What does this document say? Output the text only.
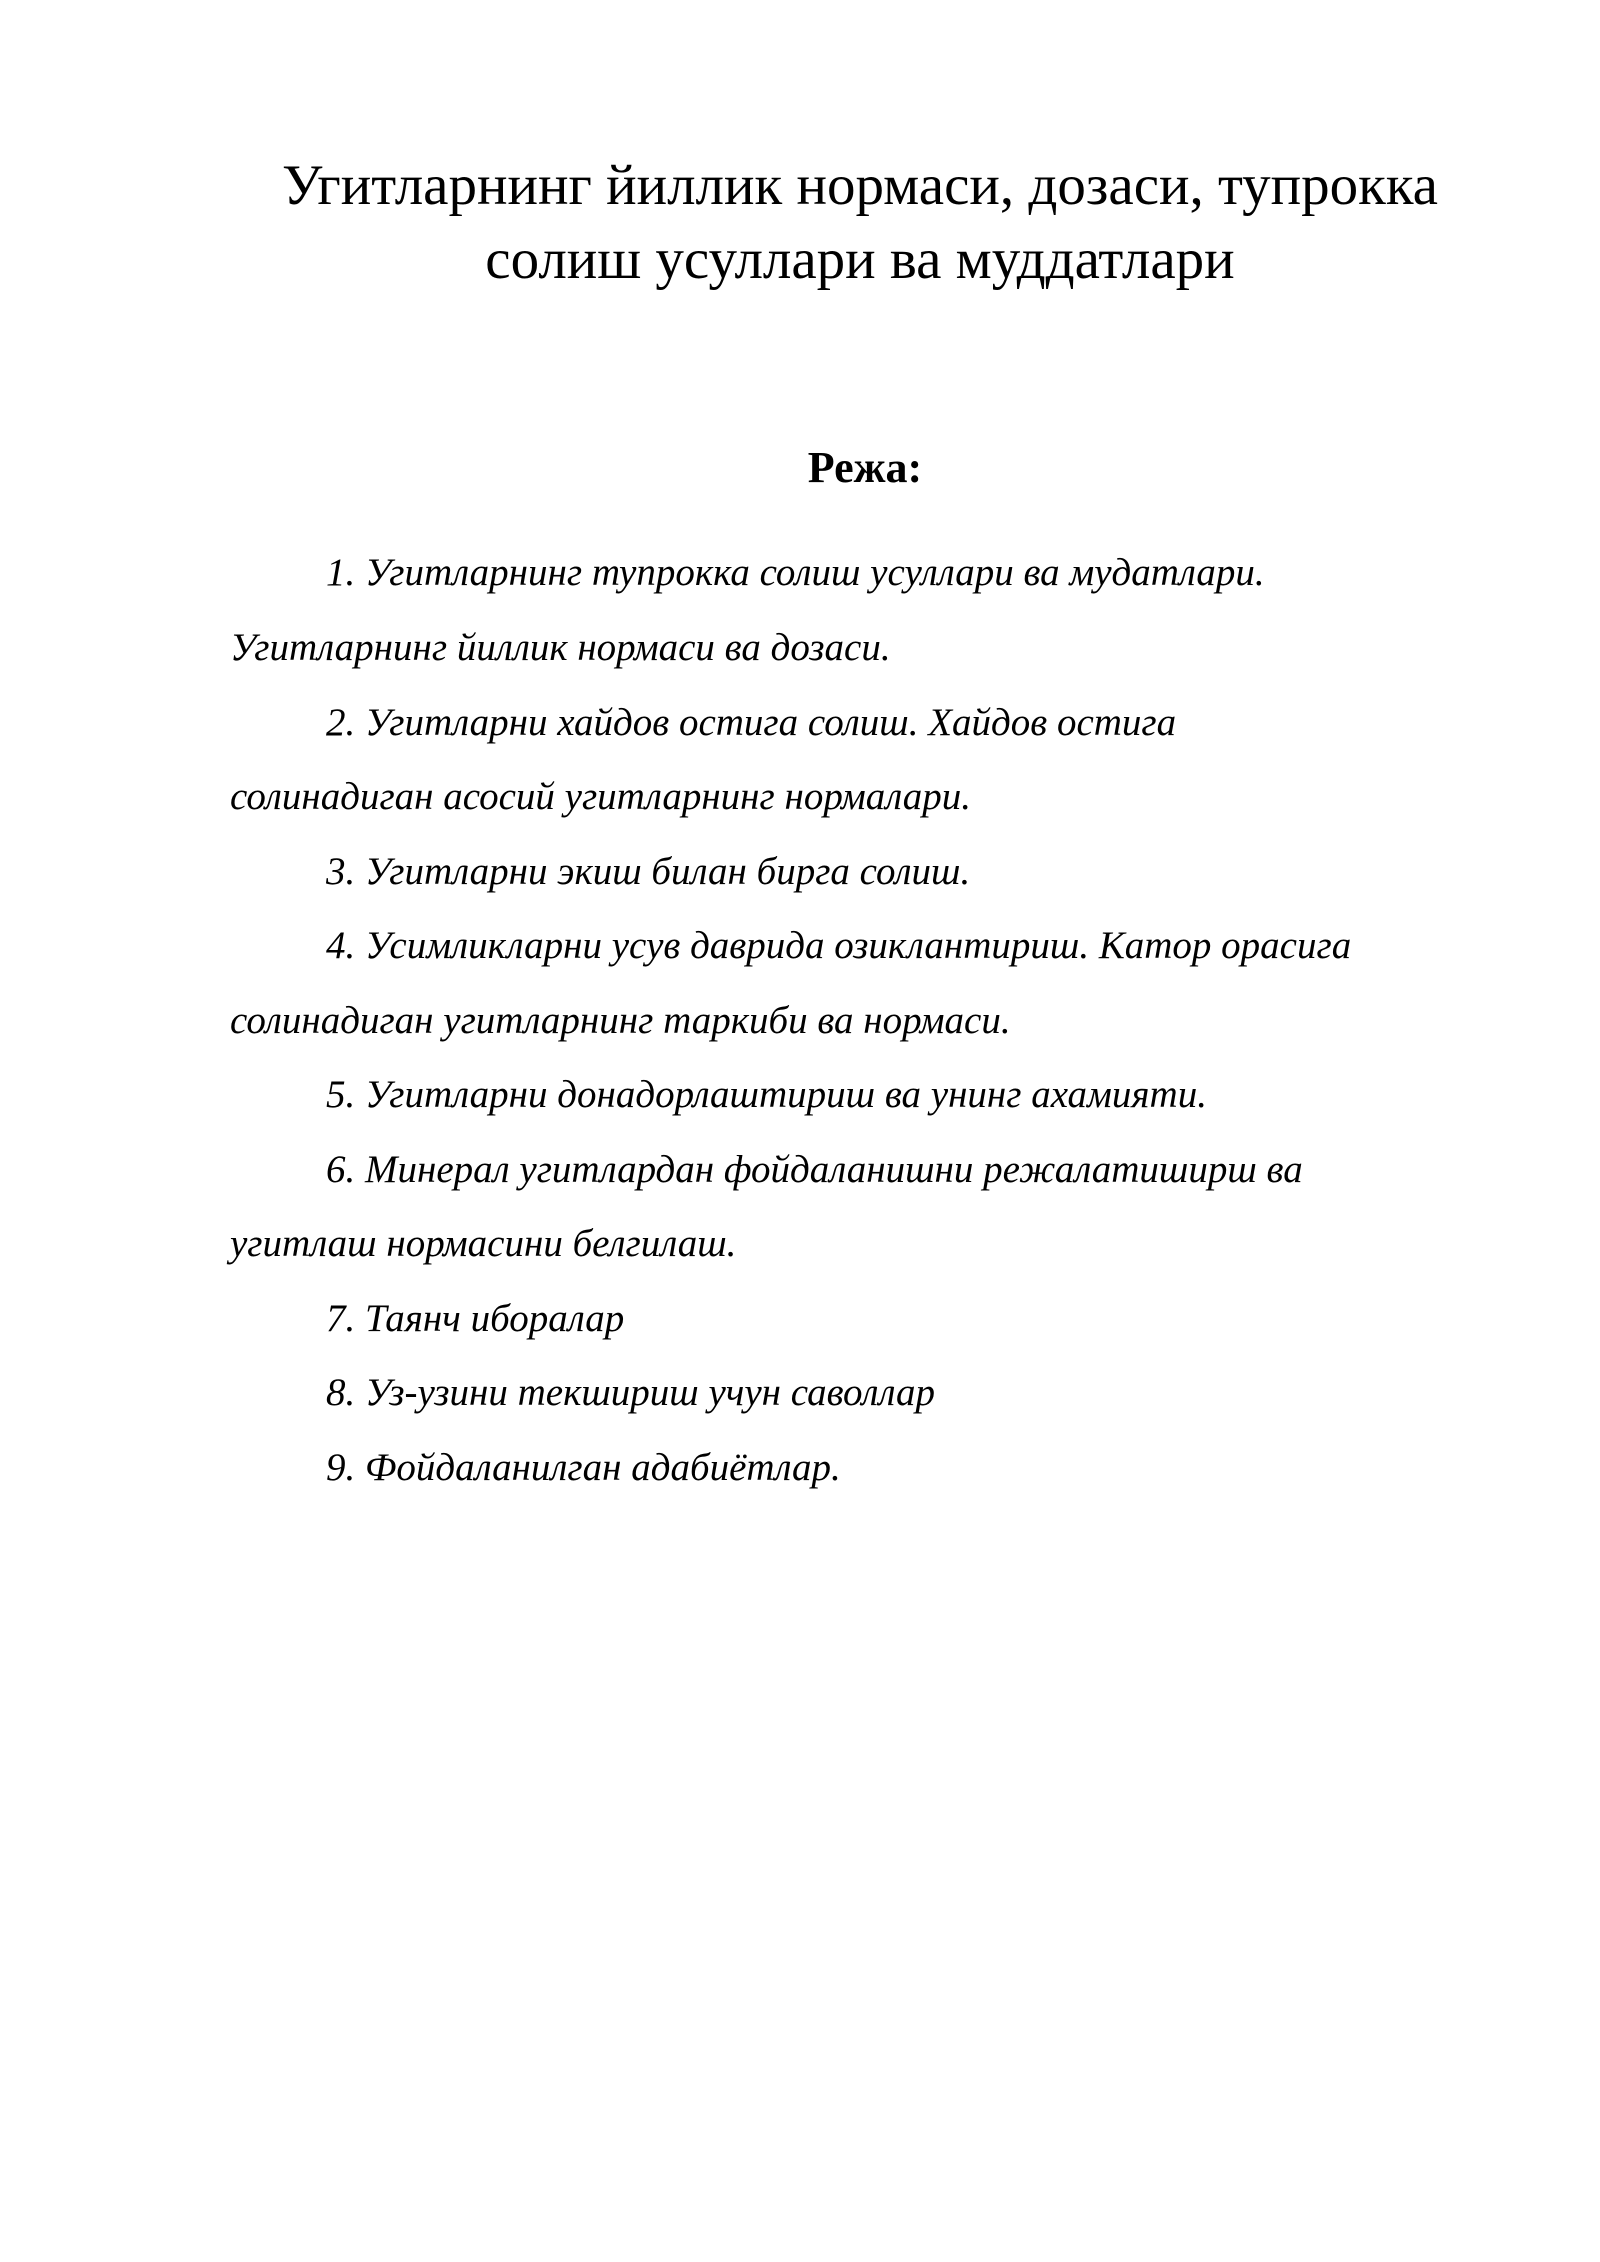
Угитларнинг йиллик нормаси, дозаси, тупрокка
солиш усуллари ва муддатлари
Режа:

1. Угитларнинг тупрокка солиш усуллари ва мудатлари.

Угитларнинг йиллик нормаси ва дозаси.

2. Угитларни хайдов остига солиш. Хайдов остига

солинадиган асосий угитларнинг нормалари.

3. Угитларни экиш билан бирга солиш.

4. Усимликларни усув даврида озиклантириш. Катор орасига

солинадиган угитларнинг таркиби ва нормаси.

5. Угитларни донадорлаштириш ва унинг ахамияти.

6. Минерал угитлардан фойдаланишни режалатиширш ва

угитлаш нормасини белгилаш.

7. Таянч иборалар

8. Уз-узини текшириш учун саволлар

9. Фойдаланилган адабиётлар.
